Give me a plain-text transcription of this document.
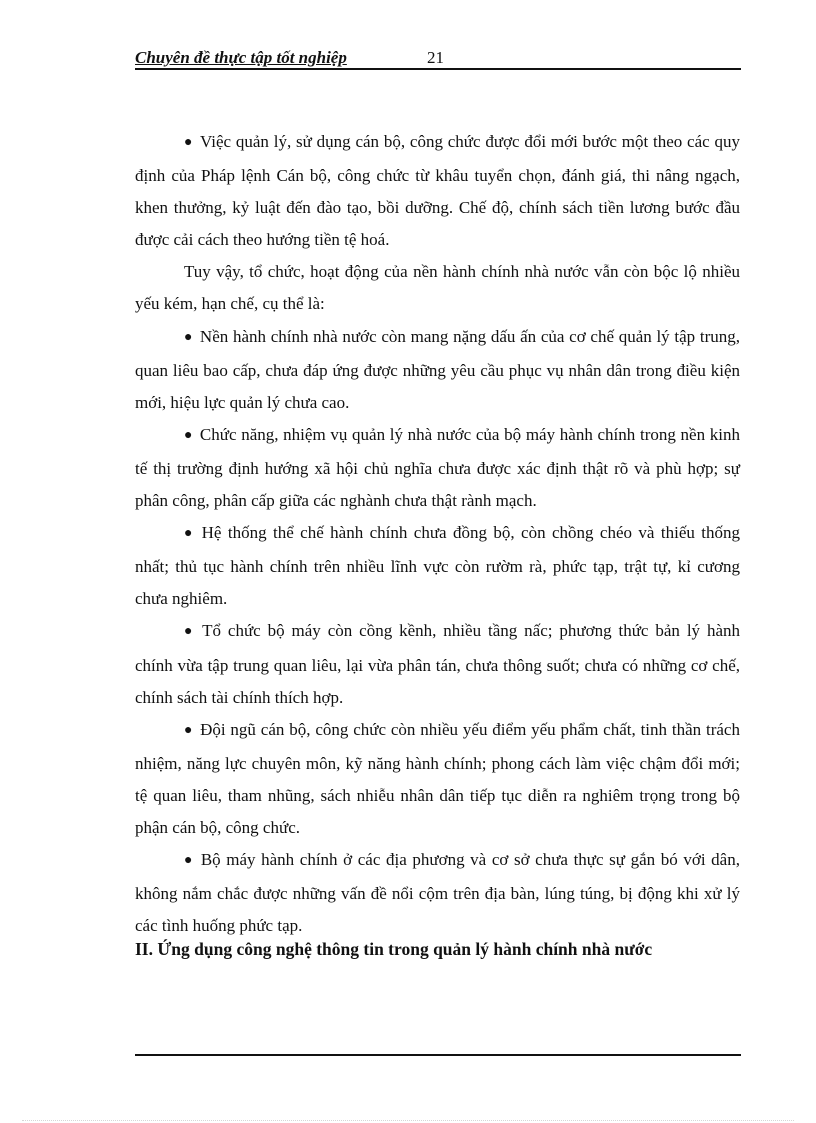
Chuyên đề thực tập tốt nghiệp	21

● Việc quản lý, sử dụng cán bộ, công chức được đổi mới bước một theo các quy định của Pháp lệnh Cán bộ, công chức từ khâu tuyển chọn, đánh giá, thi nâng ngạch, khen thưởng, kỷ luật đến đào tạo, bồi dưỡng. Chế độ, chính sách tiền lương bước đầu được cải cách theo hướng tiền tệ hoá.

Tuy vậy, tổ chức, hoạt động của nền hành chính nhà nước vẫn còn bộc lộ nhiều yếu kém, hạn chế, cụ thể là:

● Nền hành chính nhà nước còn mang nặng dấu ấn của cơ chế quản lý tập trung, quan liêu bao cấp, chưa đáp ứng được những yêu cầu phục vụ nhân dân trong điều kiện mới, hiệu lực quản lý chưa cao.

● Chức năng, nhiệm vụ quản lý nhà nước của bộ máy hành chính trong nền kinh tế thị trường định hướng xã hội chủ nghĩa chưa được xác định thật rõ và phù hợp; sự phân công, phân cấp giữa các nghành chưa thật rành mạch.

● Hệ thống thể chế hành chính chưa đồng bộ, còn chồng chéo và thiếu thống nhất; thủ tục hành chính trên nhiều lĩnh vực còn rườm rà, phức tạp, trật tự, kỉ cương chưa nghiêm.

● Tổ chức bộ máy còn cồng kềnh, nhiều tầng nấc; phương thức bản lý hành chính vừa tập trung quan liêu, lại vừa phân tán, chưa thông suốt; chưa có những cơ chế, chính sách tài chính thích hợp.

● Đội ngũ cán bộ, công chức còn nhiều yếu điểm yếu phẩm chất, tinh thần trách nhiệm, năng lực chuyên môn, kỹ năng hành chính; phong cách làm việc chậm đổi mới; tệ quan liêu, tham nhũng, sách nhiễu nhân dân tiếp tục diễn ra nghiêm trọng trong bộ phận cán bộ, công chức.

● Bộ máy hành chính ở các địa phương và cơ sở chưa thực sự gắn bó với dân, không nắm chắc được những vấn đề nổi cộm trên địa bàn, lúng túng, bị động khi xử lý các tình huống phức tạp.

II. Ứng dụng công nghệ thông tin trong quản lý hành chính nhà nước
